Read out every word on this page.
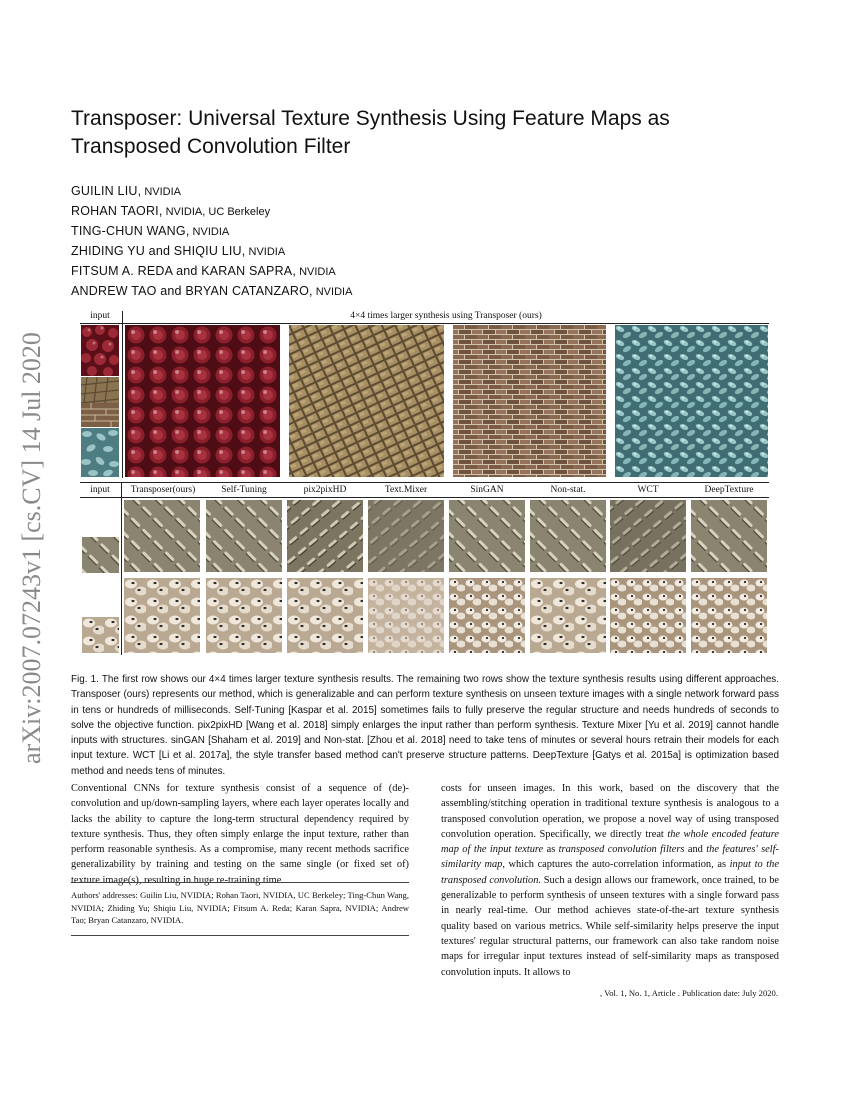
arXiv:2007.07243v1 [cs.CV] 14 Jul 2020
Transposer: Universal Texture Synthesis Using Feature Maps as
Transposed Convolution Filter
GUILIN LIU, NVIDIA
ROHAN TAORI, NVIDIA, UC Berkeley
TING-CHUN WANG, NVIDIA
ZHIDING YU and SHIQIU LIU, NVIDIA
FITSUM A. REDA and KARAN SAPRA, NVIDIA
ANDREW TAO and BRYAN CATANZARO, NVIDIA
input	4×4 times larger synthesis using Transposer (ours)
input	Transposer(ours)	Self-Tuning	pix2pixHD	Text.Mixer	SinGAN	Non-stat.	WCT	DeepTexture
Fig. 1. The first row shows our 4×4 times larger texture synthesis results. The remaining two rows show the texture synthesis results using different approaches. Transposer (ours) represents our method, which is generalizable and can perform texture synthesis on unseen texture images with a single network forward pass in tens or hundreds of milliseconds. Self-Tuning [Kaspar et al. 2015] sometimes fails to fully preserve the regular structure and needs hundreds of seconds to solve the objective function. pix2pixHD [Wang et al. 2018] simply enlarges the input rather than perform synthesis. Texture Mixer [Yu et al. 2019] cannot handle inputs with structures. sinGAN [Shaham et al. 2019] and Non-stat. [Zhou et al. 2018] need to take tens of minutes or several hours retrain their models for each input texture. WCT [Li et al. 2017a], the style transfer based method can't preserve structure patterns. DeepTexture [Gatys et al. 2015a] is optimization based method and needs tens of minutes.

Conventional CNNs for texture synthesis consist of a sequence of (de)-convolution and up/down-sampling layers, where each layer operates locally and lacks the ability to capture the long-term structural dependency required by texture synthesis. Thus, they often simply enlarge the input texture, rather than perform reasonable synthesis. As a compromise, many recent methods sacrifice generalizability by training and testing on the same single (or fixed set of) texture image(s), resulting in huge re-training time

Authors' addresses: Guilin Liu, NVIDIA; Rohan Taori, NVIDIA, UC Berkeley; Ting-Chun Wang, NVIDIA; Zhiding Yu; Shiqiu Liu, NVIDIA; Fitsum A. Reda; Karan Sapra, NVIDIA; Andrew Tao; Bryan Catanzaro, NVIDIA.

costs for unseen images. In this work, based on the discovery that the assembling/stitching operation in traditional texture synthesis is analogous to a transposed convolution operation, we propose a novel way of using transposed convolution operation. Specifically, we directly treat the whole encoded feature map of the input texture as transposed convolution filters and the features' self-similarity map, which captures the auto-correlation information, as input to the transposed convolution. Such a design allows our framework, once trained, to be generalizable to perform synthesis of unseen textures with a single forward pass in nearly real-time. Our method achieves state-of-the-art texture synthesis quality based on various metrics. While self-similarity helps preserve the input textures' regular structural patterns, our framework can also take random noise maps for irregular input textures instead of self-similarity maps as transposed convolution inputs. It allows to

, Vol. 1, No. 1, Article . Publication date: July 2020.
